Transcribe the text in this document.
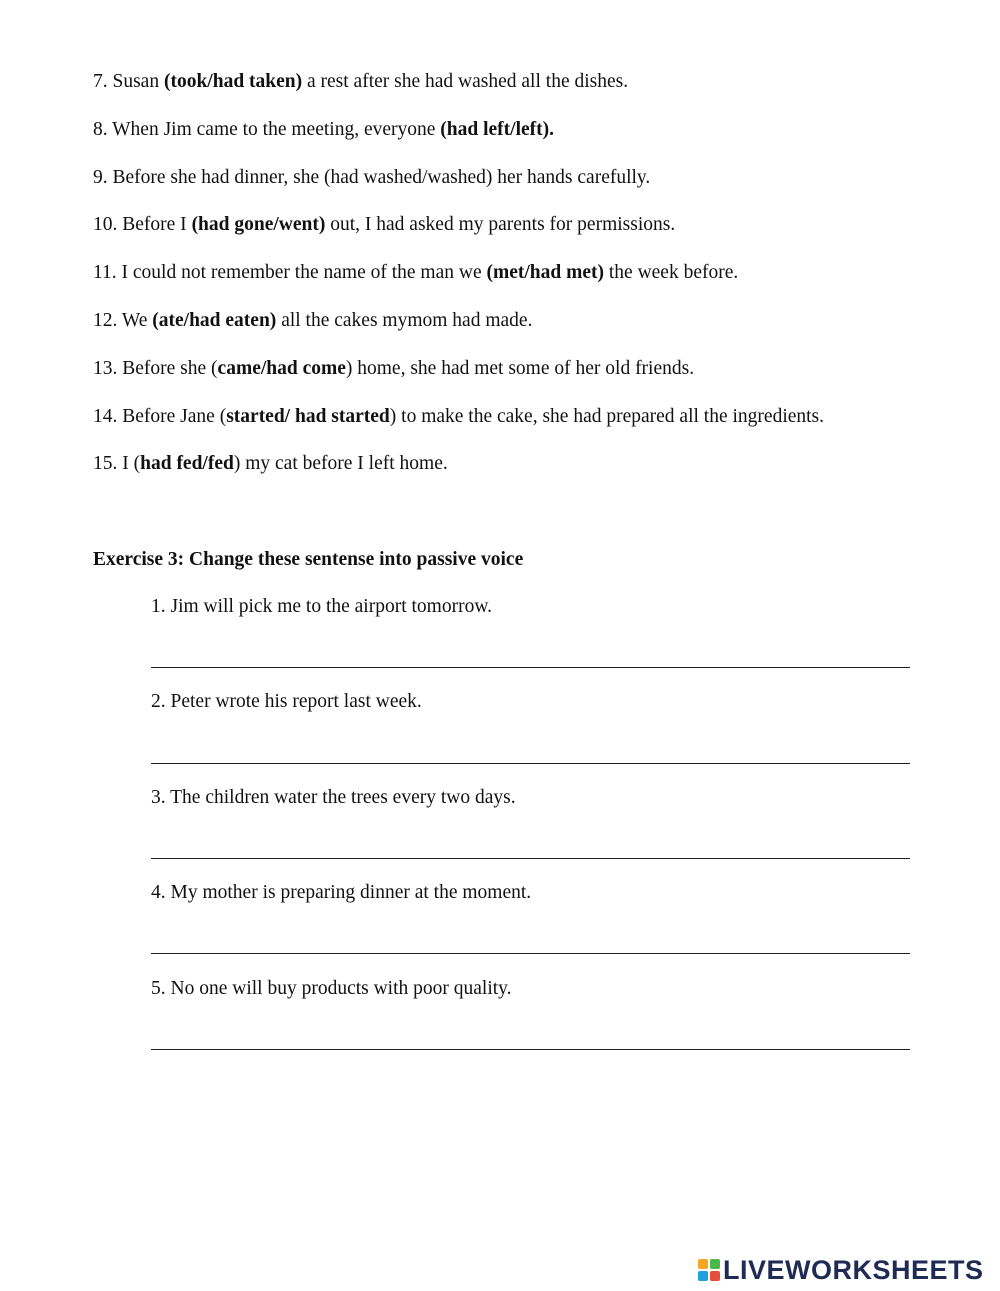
7. Susan (took/had taken) a rest after she had washed all the dishes.
8. When Jim came to the meeting, everyone (had left/left).
9. Before she had dinner, she (had washed/washed) her hands carefully.
10. Before I (had gone/went) out, I had asked my parents for permissions.
11. I could not remember the name of the man we (met/had met) the week before.
12. We (ate/had eaten) all the cakes mymom had made.
13. Before she (came/had come) home, she had met some of her old friends.
14. Before Jane (started/ had started) to make the cake, she had prepared all the ingredients.
15. I (had fed/fed) my cat before I left home.
Exercise 3: Change these sentense into passive voice
1. Jim will pick me to the airport tomorrow.
2. Peter wrote his report last week.
3. The children water the trees every two days.
4. My mother is preparing dinner at the moment.
5. No one will buy products with poor quality.
LIVEWORKSHEETS
